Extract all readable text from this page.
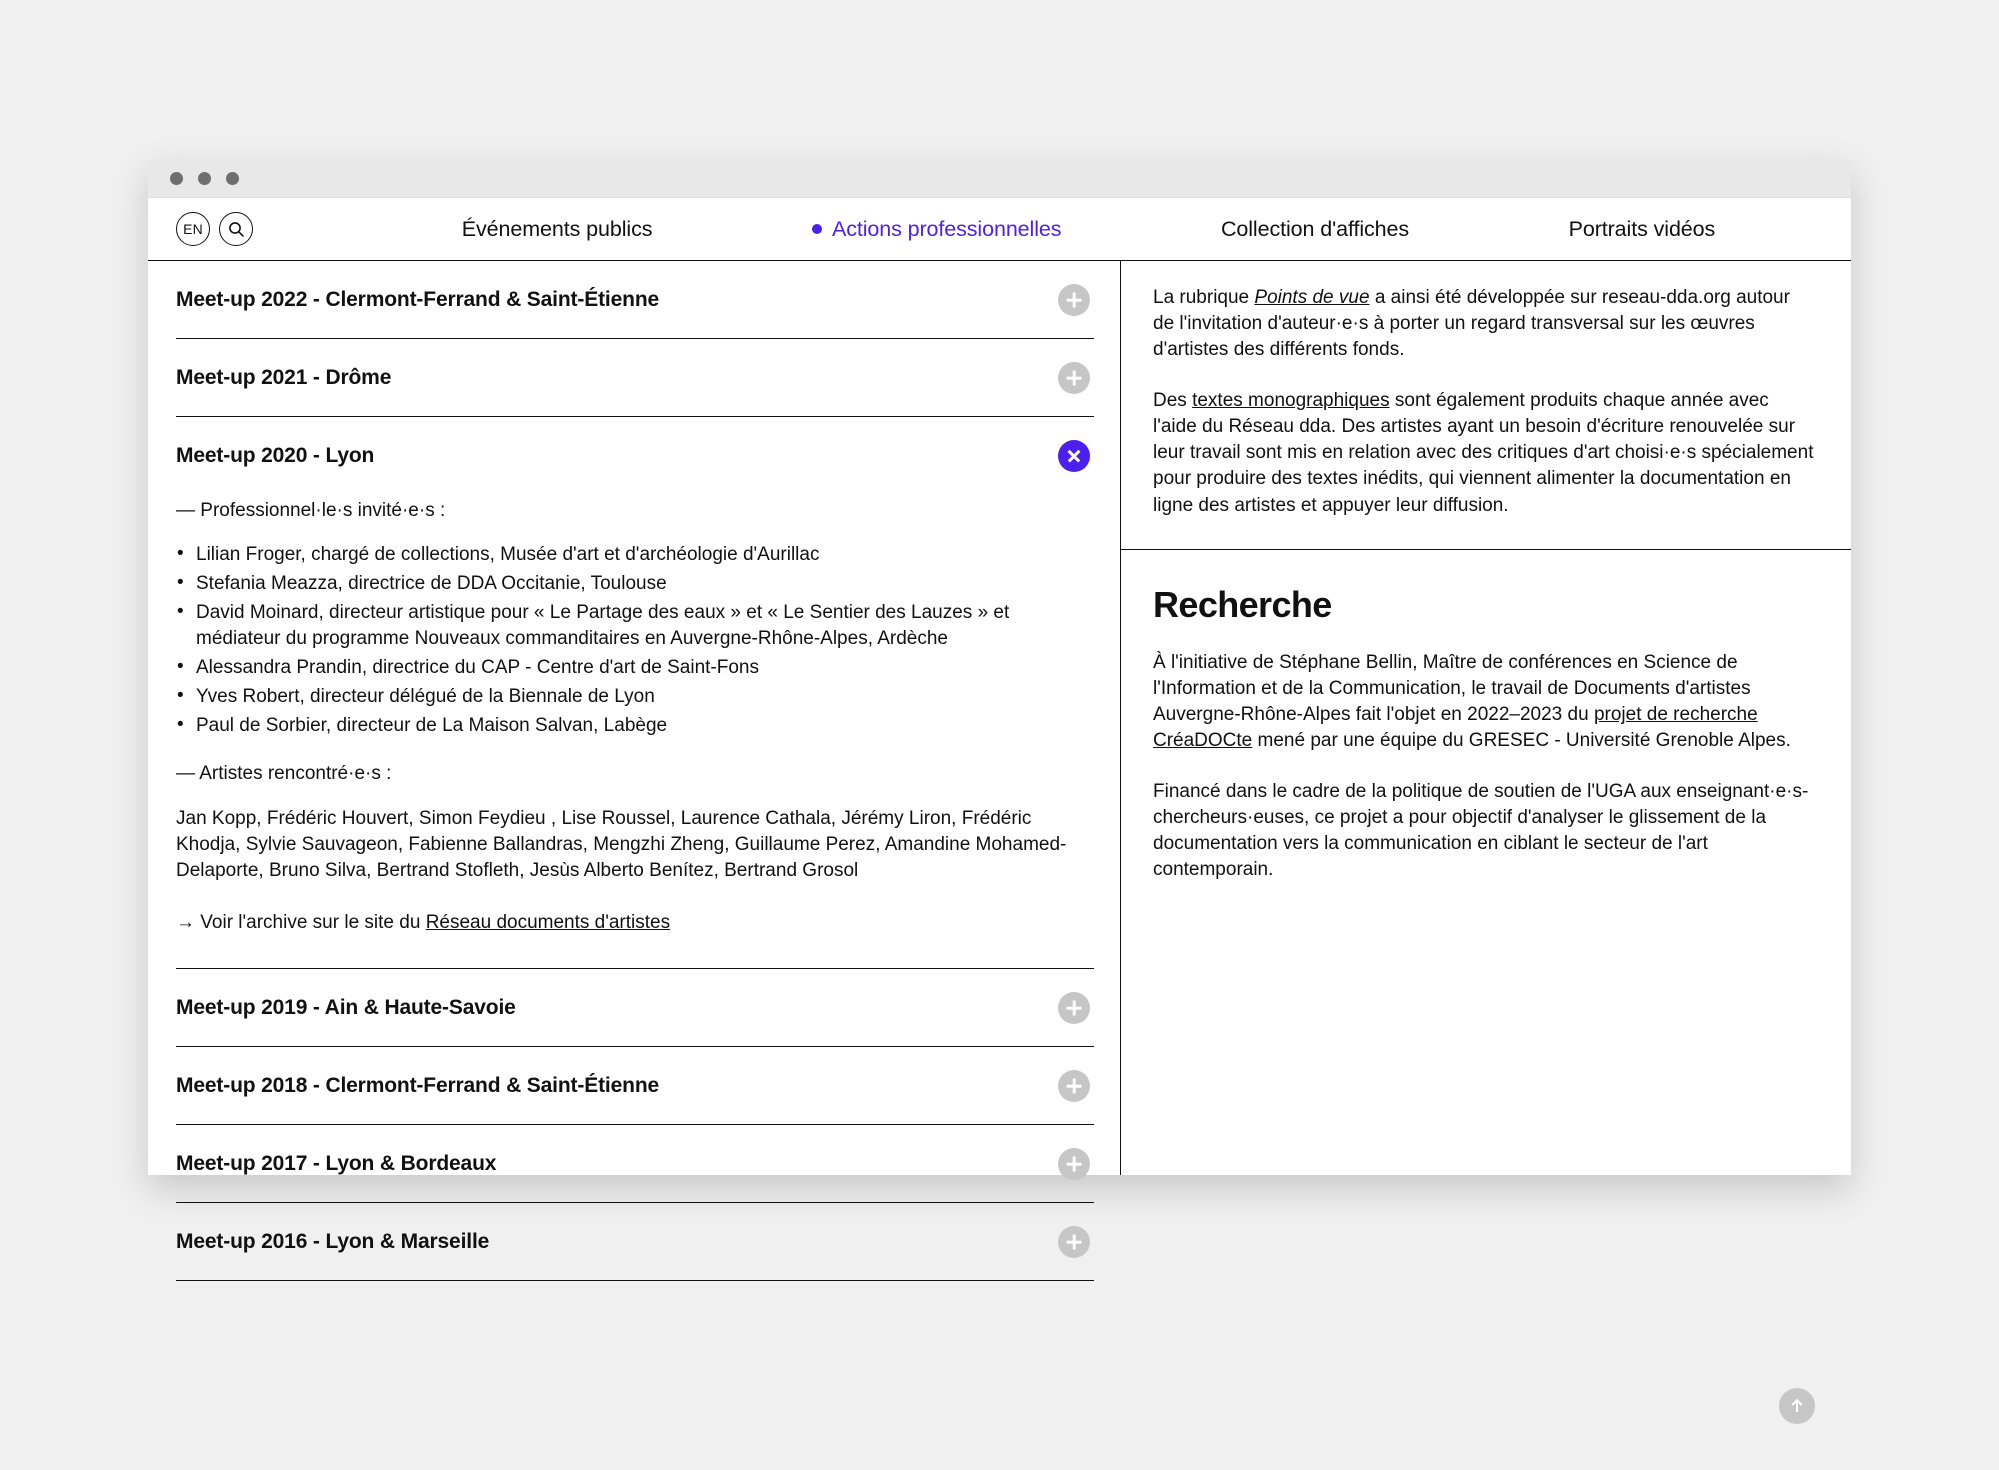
EN	Événements publics	Actions professionnelles	Collection d'affiches	Portraits vidéos
Meet-up 2022 - Clermont-Ferrand & Saint-Étienne
Meet-up 2021 - Drôme
Meet-up 2020 - Lyon
— Professionnel·le·s invité·e·s :
• Lilian Froger, chargé de collections, Musée d'art et d'archéologie d'Aurillac
• Stefania Meazza, directrice de DDA Occitanie, Toulouse
• David Moinard, directeur artistique pour « Le Partage des eaux » et « Le Sentier des Lauzes » et médiateur du programme Nouveaux commanditaires en Auvergne-Rhône-Alpes, Ardèche
• Alessandra Prandin, directrice du CAP - Centre d'art de Saint-Fons
• Yves Robert, directeur délégué de la Biennale de Lyon
• Paul de Sorbier, directeur de La Maison Salvan, Labège
— Artistes rencontré·e·s :
Jan Kopp, Frédéric Houvert, Simon Feydieu , Lise Roussel, Laurence Cathala, Jérémy Liron, Frédéric Khodja, Sylvie Sauvageon, Fabienne Ballandras, Mengzhi Zheng, Guillaume Perez, Amandine Mohamed-Delaporte, Bruno Silva, Bertrand Stofleth, Jesùs Alberto Benítez, Bertrand Grosol
→ Voir l'archive sur le site du Réseau documents d'artistes
Meet-up 2019 - Ain & Haute-Savoie
Meet-up 2018 - Clermont-Ferrand & Saint-Étienne
Meet-up 2017 - Lyon & Bordeaux
Meet-up 2016 - Lyon & Marseille

La rubrique Points de vue a ainsi été développée sur reseau-dda.org autour de l'invitation d'auteur·e·s à porter un regard transversal sur les œuvres d'artistes des différents fonds.

Des textes monographiques sont également produits chaque année avec l'aide du Réseau dda. Des artistes ayant un besoin d'écriture renouvelée sur leur travail sont mis en relation avec des critiques d'art choisi·e·s spécialement pour produire des textes inédits, qui viennent alimenter la documentation en ligne des artistes et appuyer leur diffusion.

Recherche

À l'initiative de Stéphane Bellin, Maître de conférences en Science de l'Information et de la Communication, le travail de Documents d'artistes Auvergne-Rhône-Alpes fait l'objet en 2022–2023 du projet de recherche CréaDOCte mené par une équipe du GRESEC - Université Grenoble Alpes.

Financé dans le cadre de la politique de soutien de l'UGA aux enseignant·e·s-chercheurs·euses, ce projet a pour objectif d'analyser le glissement de la documentation vers la communication en ciblant le secteur de l'art contemporain.
